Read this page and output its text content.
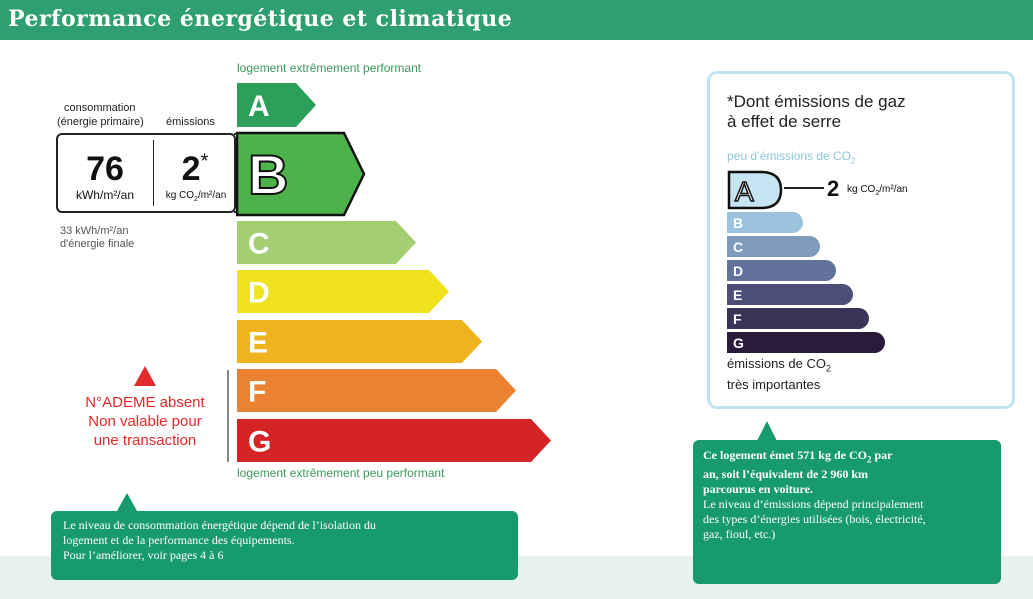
Performance énergétique et climatique
logement extrêmement performant
A
B
C
D
E
F
G
logement extrêmement peu performant
consommation
(énergie primaire) émissions
76
kWh/m²/an
2*
kg $CO_2/m^2/an$
33 kWh/m²/an
d'énergie finale
N°ADEME absent
Non valable pour
une transaction
Le niveau de consommation énergétique dépend de l’isolation du
logement et de la performance des équipements.
Pour l’améliorer, voir pages 4 à 6
*Dont émissions de gaz
à effet de serre
peu d’émissions de $CO_2$
A
B
C
D
E
F
G
2 kg $CO_2/m^2/an$
émissions de $CO_2$
très importantes
Ce logement émet 571 kg de $CO_2$ par
an, soit l’équivalent de 2 960 km
parcourus en voiture.
Le niveau d’émissions dépend principalement
des types d’énergies utilisées (bois, électricité,
gaz, fioul, etc.)
